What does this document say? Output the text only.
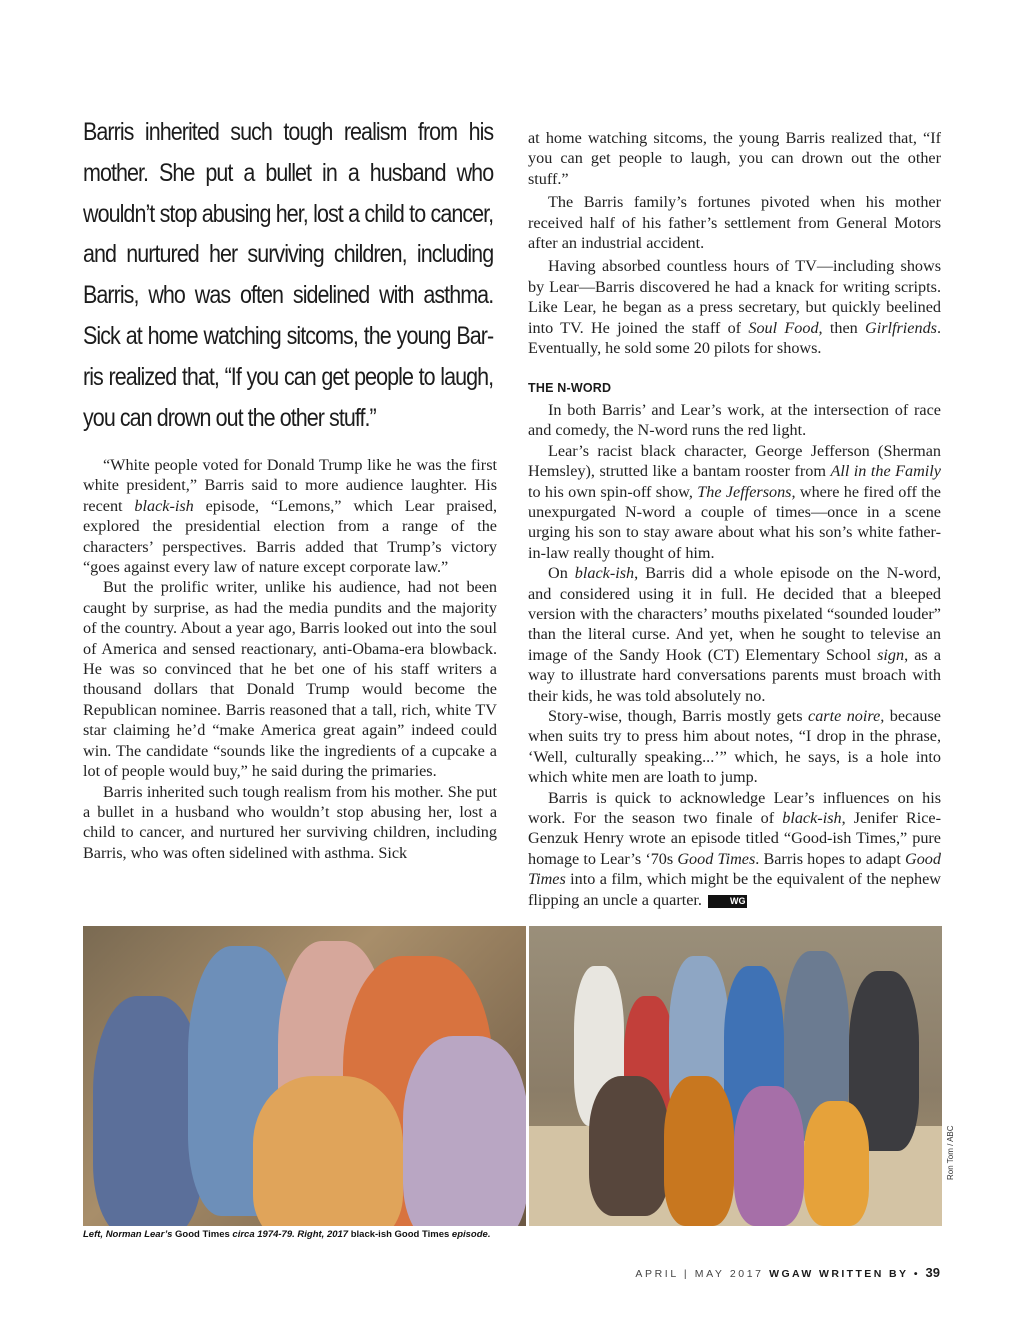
Barris inherited such tough realism from his

mother. She put a bullet in a husband who

wouldn’t stop abusing her, lost a child to cancer,

and nurtured her surviving children, including

Barris, who was often sidelined with asthma.

Sick at home watching sitcoms, the young Bar-

ris realized that, “If you can get people to laugh,

you can drown out the other stuff.”

“White people voted for Donald Trump like he was the first white president,” Barris said to more audience laughter. His recent black-ish episode, “Lemons,” which Lear praised, explored the presidential election from a range of the characters’ perspectives. Barris added that Trump’s victory “goes against every law of nature except corporate law.”

But the prolific writer, unlike his audience, had not been caught by surprise, as had the media pundits and the majority of the country. About a year ago, Barris looked out into the soul of America and sensed reactionary, anti-Obama-era blowback. He was so convinced that he bet one of his staff writers a thousand dollars that Donald Trump would become the Republican nominee. Barris reasoned that a tall, rich, white TV star claiming he’d “make America great again” indeed could win. The candidate “sounds like the ingredients of a cupcake a lot of people would buy,” he said during the primaries.

Barris inherited such tough realism from his mother. She put a bullet in a husband who wouldn’t stop abusing her, lost a child to cancer, and nurtured her surviving children, including Barris, who was often sidelined with asthma. Sick

at home watching sitcoms, the young Barris realized that, “If you can get people to laugh, you can drown out the other stuff.”

The Barris family’s fortunes pivoted when his mother received half of his father’s settlement from General Motors after an industrial accident.

Having absorbed countless hours of TV—including shows by Lear—Barris discovered he had a knack for writing scripts. Like Lear, he began as a press secretary, but quickly beelined into TV. He joined the staff of Soul Food, then Girlfriends. Eventually, he sold some 20 pilots for shows.

THE N-WORD

In both Barris’ and Lear’s work, at the intersection of race and comedy, the N-word runs the red light.

Lear’s racist black character, George Jefferson (Sherman Hemsley), strutted like a bantam rooster from All in the Family to his own spin-off show, The Jeffersons, where he fired off the unexpurgated N-word a couple of times—once in a scene urging his son to stay aware about what his son’s white father-in-law really thought of him.

On black-ish, Barris did a whole episode on the N-word, and considered using it in full. He decided that a bleeped version with the characters’ mouths pixelated “sounded louder” than the literal curse. And yet, when he sought to televise an image of the Sandy Hook (CT) Elementary School sign, as a way to illustrate hard conversations parents must broach with their kids, he was told absolutely no.

Story-wise, though, Barris mostly gets carte noire, because when suits try to press him about notes, “I drop in the phrase, ‘Well, culturally speaking...’” which, he says, is a hole into which white men are loath to jump.

Barris is quick to acknowledge Lear’s influences on his work. For the season two finale of black-ish, Jenifer Rice-Genzuk Henry wrote an episode titled “Good-ish Times,” pure homage to Lear’s ‘70s Good Times. Barris hopes to adapt Good Times into a film, which might be the equivalent of the nephew flipping an uncle a quarter.	WG

Ron Tom / ABC
Left, Norman Lear’s Good Times circa 1974-79. Right, 2017 black-ish Good Times episode.
APRIL | MAY 2017 WGAW WRITTEN BY • 39
